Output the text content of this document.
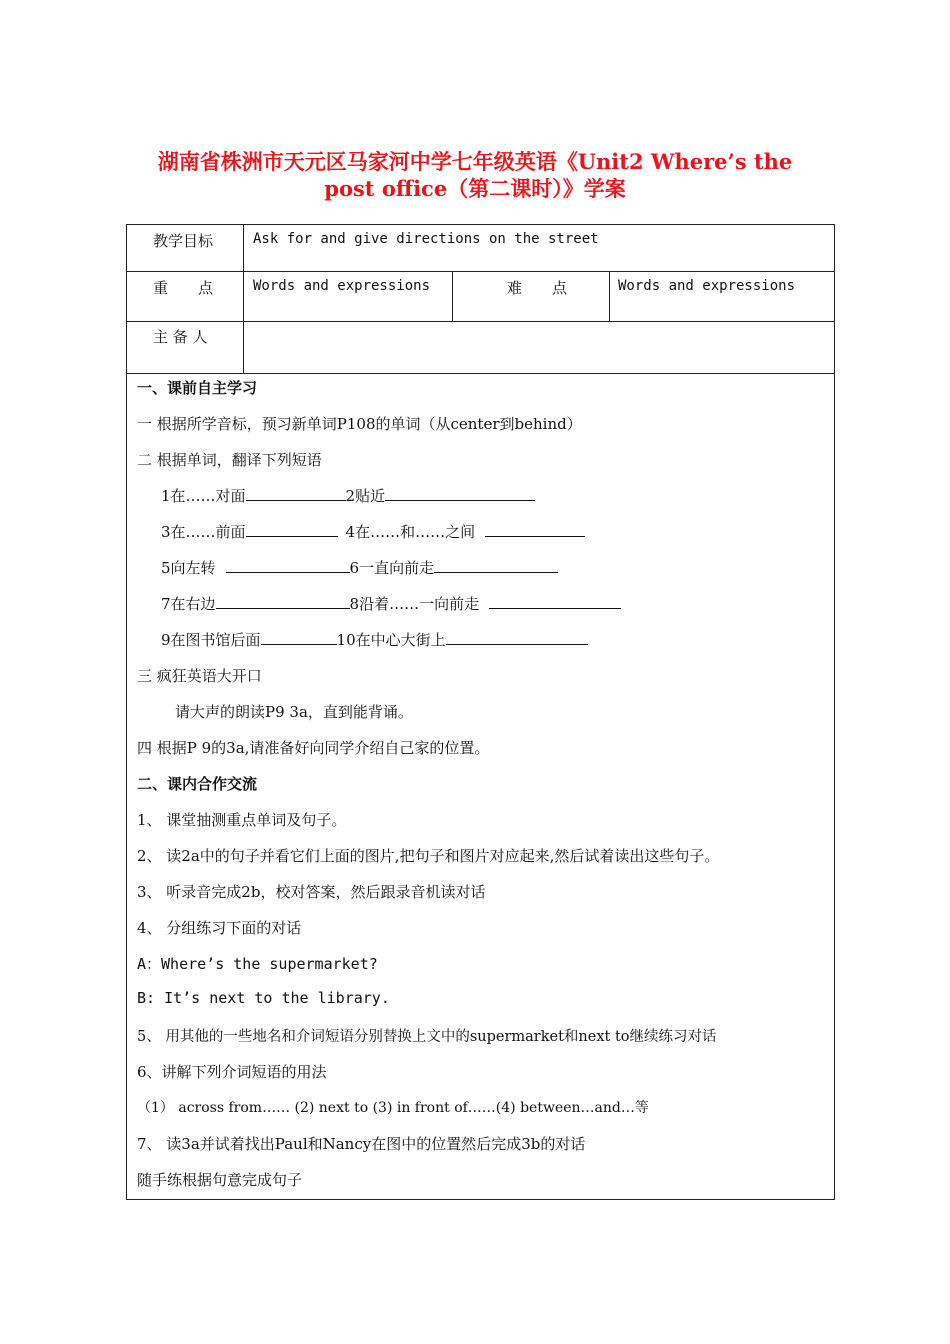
湖南省株洲市天元区马家河中学七年级英语《Unit2 Where’s the
post office（第二课时）》学案
教学目标	Ask for and give directions on the street
重　　点	Words and expressions	难　　点	Words and expressions
主 备 人
一、课前自主学习
一 根据所学音标，预习新单词P108的单词（从center到behind）
二 根据单词，翻译下列短语
1在……对面	2贴近
3在……前面	4在……和……之间
5向左转	6一直向前走
7在右边	8沿着……一向前走
9在图书馆后面	10在中心大街上
三 疯狂英语大开口
请大声的朗读P9 3a，直到能背诵。
四 根据P 9的3a,请准备好向同学介绍自己家的位置。
二、课内合作交流
1、 课堂抽测重点单词及句子。
2、 读2a中的句子并看它们上面的图片,把句子和图片对应起来,然后试着读出这些句子。
3、 听录音完成2b，校对答案，然后跟录音机读对话
4、 分组练习下面的对话
A：Where’s the supermarket?
B: It’s next to the library.
5、 用其他的一些地名和介词短语分别替换上文中的supermarket和next to继续练习对话
6、讲解下列介词短语的用法
（1） across from…… (2) next to (3) in front of……(4) between…and…等
7、 读3a并试着找出Paul和Nancy在图中的位置然后完成3b的对话
随手练根据句意完成句子
